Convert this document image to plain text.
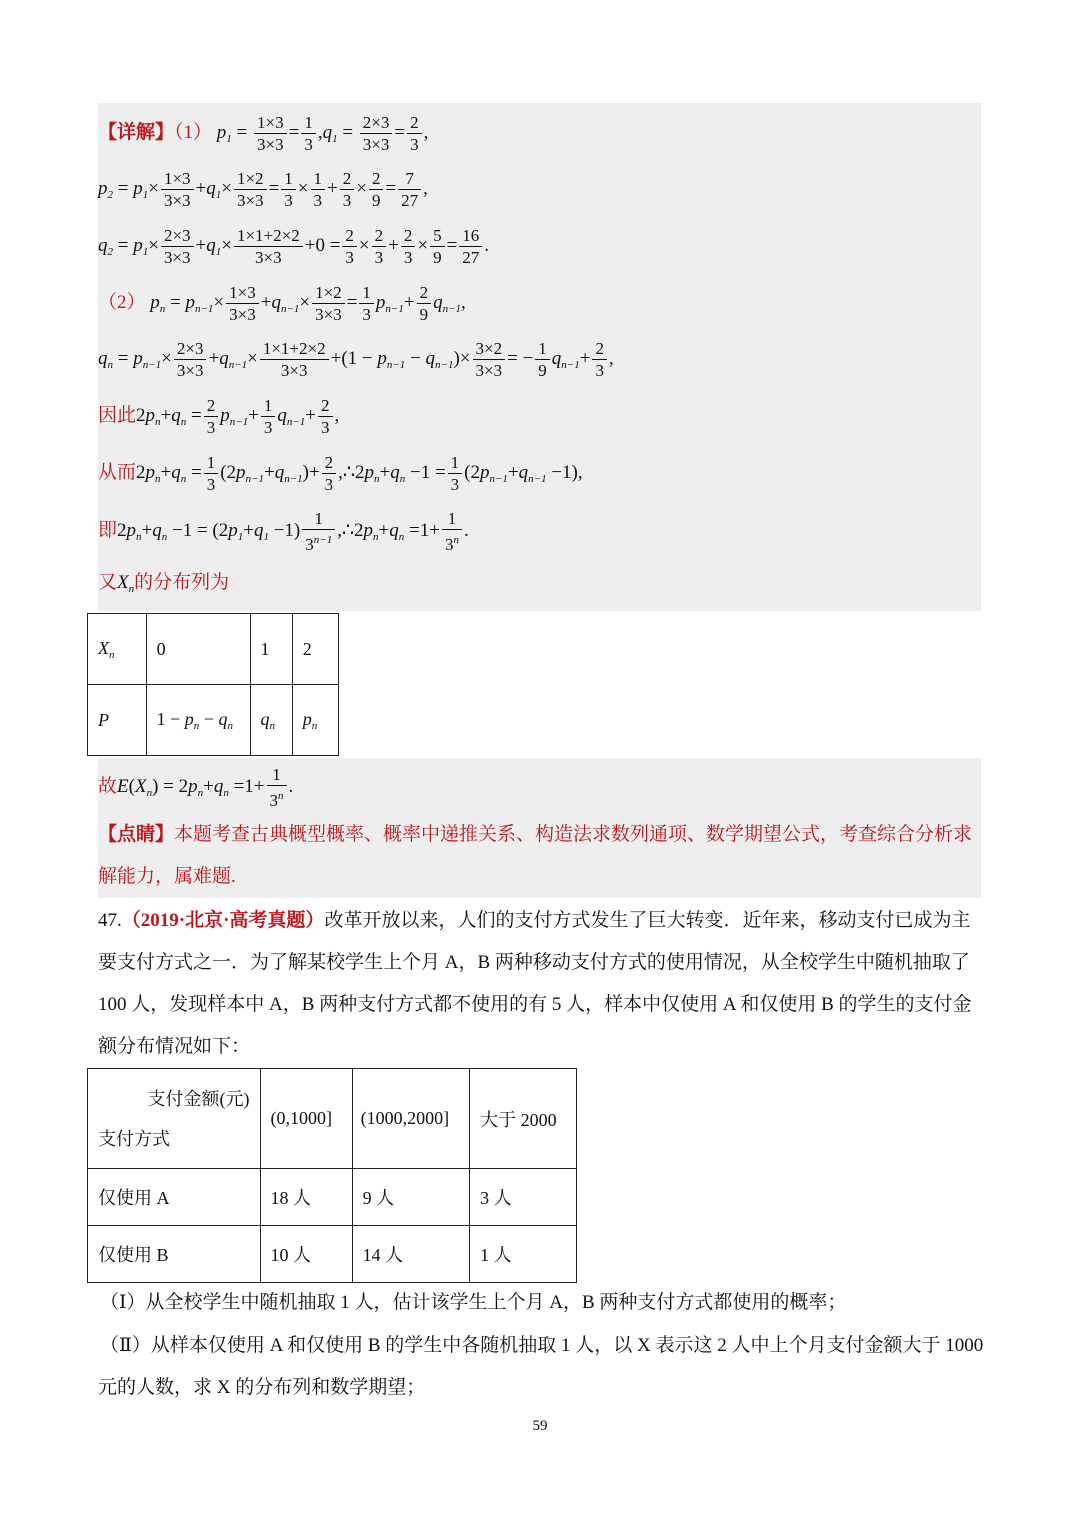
【详解】（1） $p_1 = \frac{1\times 3}{3\times 3} = \frac{1}{3} ,q_1 = \frac{2\times 3}{3\times 3} = \frac{2}{3}$ ,
$p_2 = p_1\times \frac{1\times 3}{3\times 3} +q_1\times \frac{1\times 2}{3\times 3} = \frac{1}{3} \times \frac{1}{3} + \frac{2}{3} \times \frac{2}{9} = \frac{7}{27}$ ,
$q_2 = p_1\times \frac{2\times 3}{3\times 3} +q_1\times \frac{1\times 1+2\times 2}{3\times 3} +0 = \frac{2}{3} \times \frac{2}{3} + \frac{2}{3} \times \frac{5}{9} = \frac{16}{27}$ .
（2） $p_n = p_{n-1}\times \frac{1\times 3}{3\times 3} +q_{n-1}\times \frac{1\times 2}{3\times 3} = \frac{1}{3} p_{n-1}+ \frac{2}{9} q_{n-1}$,
$q_n = p_{n-1}\times \frac{2\times 3}{3\times 3} +q_{n-1}\times \frac{1\times 1+2\times 2}{3\times 3} +(1 - p_{n-1} - q_{n-1})\times \frac{3\times 2}{3\times 3}$ = − $\frac{1}{9} q_{n-1}+ \frac{2}{3}$ ,
因此$2p_n+q_n = \frac{2}{3} p_{n-1}+ \frac{1}{3} q_{n-1}+ \frac{2}{3}$ ,
从而$2p_n+q_n = \frac{1}{3} (2p_{n-1}+q_{n-1})+ \frac{2}{3}$ $,\therefore 2p_n+q_n -1 = \frac{1}{3} (2p_{n-1}+q_{n-1} -1)$,
即$2p_n+q_n -1 = (2p_1+q_1 -1) \frac{1}{3^{n-1}}$ $,\therefore 2p_n+q_n =1+ \frac{1}{3^n}$ .
又$X_n$的分布列为
$X_n$	0	1	2
P	$1 - p_n - q_n$	$q_n$	$p_n$
故$E(X_n) = 2p_n+q_n =1+ \frac{1}{3^n}$ .
【点睛】本题考查古典概型概率、概率中递推关系、构造法求数列通项、数学期望公式，考查综合分析求
解能力，属难题.
47.（2019·北京·高考真题）改革开放以来，人们的支付方式发生了巨大转变．近年来，移动支付已成为主
要支付方式之一．为了解某校学生上个月 A，B 两种移动支付方式的使用情况，从全校学生中随机抽取了
100 人，发现样本中 A，B 两种支付方式都不使用的有 5 人，样本中仅使用 A 和仅使用 B 的学生的支付金
额分布情况如下：
支付金额(元)
支付方式	(0,1000]	(1000,2000]	大于 2000
仅使用 A	18 人	9 人	3 人
仅使用 B	10 人	14 人	1 人
（Ⅰ）从全校学生中随机抽取 1 人，估计该学生上个月 A，B 两种支付方式都使用的概率；
（Ⅱ）从样本仅使用 A 和仅使用 B 的学生中各随机抽取 1 人，以 X 表示这 2 人中上个月支付金额大于 1000
元的人数，求 X 的分布列和数学期望；
59
